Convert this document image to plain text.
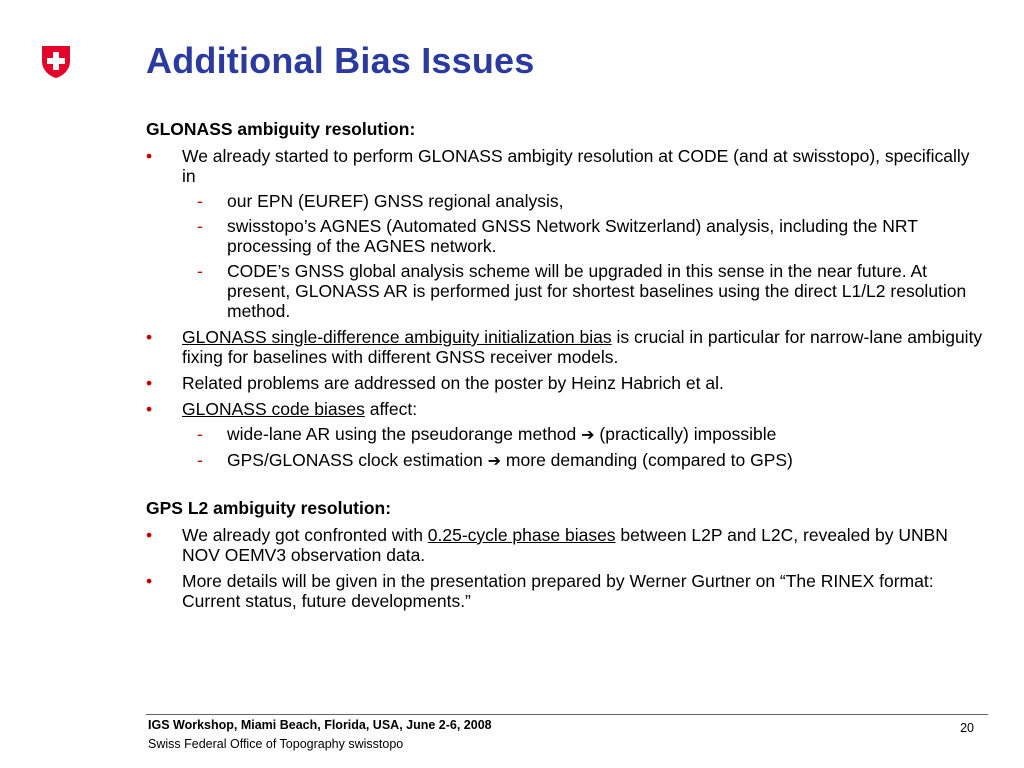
Additional Bias Issues
GLONASS ambiguity resolution:
• We already started to perform GLONASS ambigity resolution at CODE (and at swisstopo), specifically in
- our EPN (EUREF) GNSS regional analysis,
- swisstopo’s AGNES (Automated GNSS Network Switzerland) analysis, including the NRT processing of the AGNES network.
- CODE’s GNSS global analysis scheme will be upgraded in this sense in the near future. At present, GLONASS AR is performed just for shortest baselines using the direct L1/L2 resolution method.
• GLONASS single-difference ambiguity initialization bias is crucial in particular for narrow-lane ambiguity fixing for baselines with different GNSS receiver models.
• Related problems are addressed on the poster by Heinz Habrich et al.
• GLONASS code biases affect:
- wide-lane AR using the pseudorange method ➔ (practically) impossible
- GPS/GLONASS clock estimation ➔ more demanding (compared to GPS)
GPS L2 ambiguity resolution:
• We already got confronted with 0.25-cycle phase biases between L2P and L2C, revealed by UNBN NOV OEMV3 observation data.
• More details will be given in the presentation prepared by Werner Gurtner on “The RINEX format: Current status, future developments.”
IGS Workshop, Miami Beach, Florida, USA, June 2-6, 2008
Swiss Federal Office of Topography swisstopo
20
